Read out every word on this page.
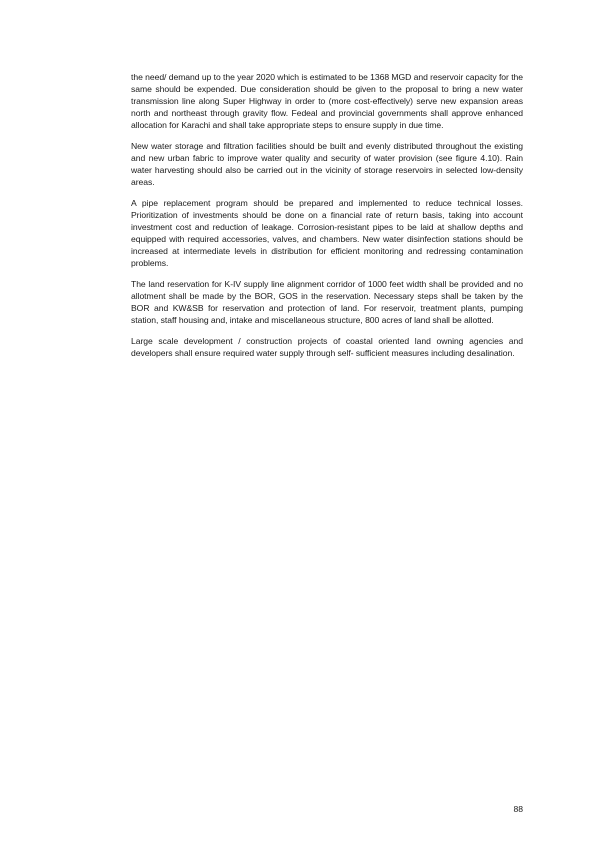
the need/ demand up to the year 2020 which is estimated to be 1368 MGD and reservoir capacity for the same should be expended. Due consideration should be given to the proposal to bring a new water transmission line along Super Highway in order to (more cost-effectively) serve new expansion areas north and northeast through gravity flow. Fedeal and provincial governments shall approve enhanced allocation for Karachi and shall take appropriate steps to ensure supply in due time.

New water storage and filtration facilities should be built and evenly distributed throughout the existing and new urban fabric to improve water quality and security of water provision (see figure 4.10). Rain water harvesting should also be carried out in the vicinity of storage reservoirs in selected low-density areas.

A pipe replacement program should be prepared and implemented to reduce technical losses. Prioritization of investments should be done on a financial rate of return basis, taking into account investment cost and reduction of leakage. Corrosion-resistant pipes to be laid at shallow depths and equipped with required accessories, valves, and chambers. New water disinfection stations should be increased at intermediate levels in distribution for efficient monitoring and redressing contamination problems.

The land reservation for K-IV supply line alignment corridor of 1000 feet width shall be provided and no allotment shall be made by the BOR, GOS in the reservation. Necessary steps shall be taken by the BOR and KW&SB for reservation and protection of land. For reservoir, treatment plants, pumping station, staff housing and, intake and miscellaneous structure, 800 acres of land shall be allotted.

Large scale development / construction projects of coastal oriented land owning agencies and developers shall ensure required water supply through self- sufficient measures including desalination.

88
